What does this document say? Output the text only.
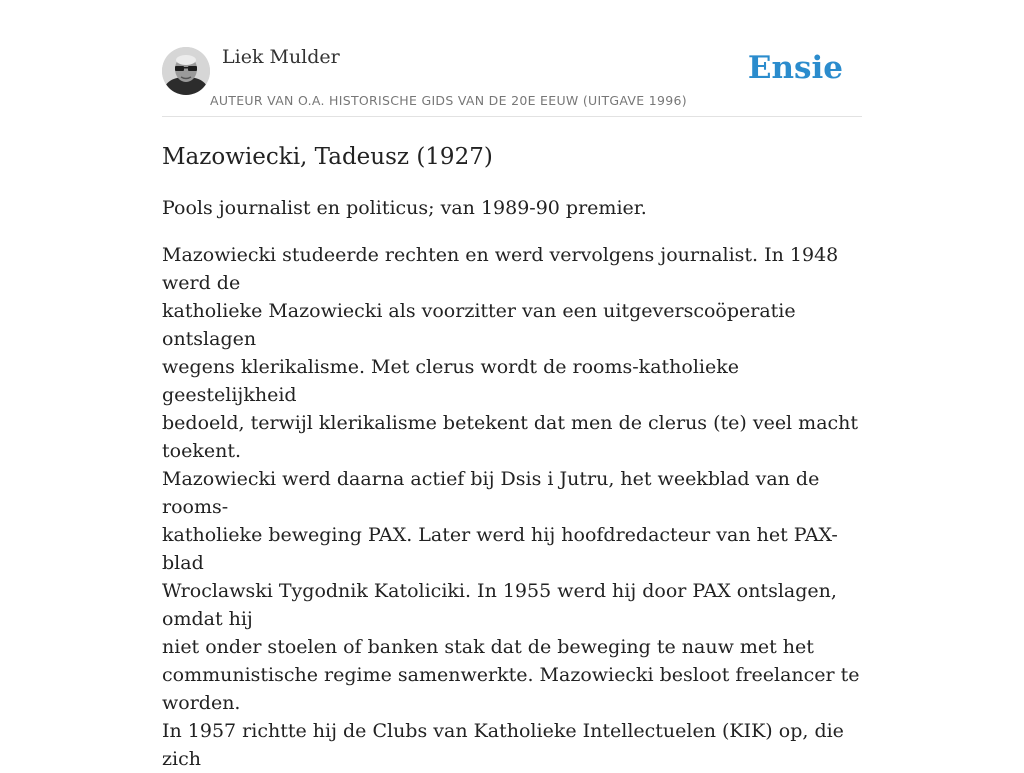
Liek Mulder
AUTEUR VAN O.A. HISTORISCHE GIDS VAN DE 20E EEUW (UITGAVE 1996)
Ensie
Mazowiecki, Tadeusz (1927)

Pools journalist en politicus; van 1989-90 premier.

Mazowiecki studeerde rechten en werd vervolgens journalist. In 1948 werd de
katholieke Mazowiecki als voorzitter van een uitgeverscoöperatie ontslagen
wegens klerikalisme. Met clerus wordt de rooms-katholieke geestelijkheid
bedoeld, terwijl klerikalisme betekent dat men de clerus (te) veel macht toekent.
Mazowiecki werd daarna actief bij Dsis i Jutru, het weekblad van de rooms-
katholieke beweging PAX. Later werd hij hoofdredacteur van het PAX-blad
Wroclawski Tygodnik Katoliciki. In 1955 werd hij door PAX ontslagen, omdat hij
niet onder stoelen of banken stak dat de beweging te nauw met het
communistische regime samenwerkte. Mazowiecki besloot freelancer te worden.
In 1957 richtte hij de Clubs van Katholieke Intellectuelen (KIK) op, die zich
